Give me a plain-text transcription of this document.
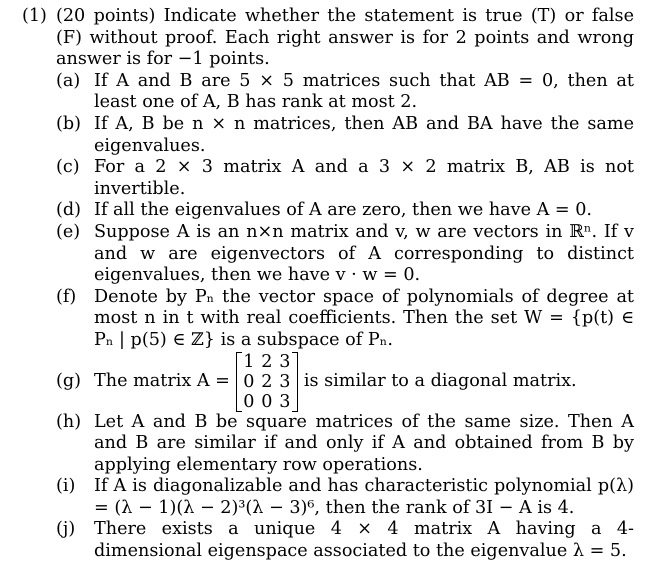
(1) (20 points) Indicate whether the statement is true (T) or false (F) without proof. Each right answer is for 2 points and wrong answer is for −1 points.
(a) If A and B are 5 × 5 matrices such that AB = 0, then at least one of A, B has rank at most 2.
(b) If A, B be n × n matrices, then AB and BA have the same eigenvalues.
(c) For a 2 × 3 matrix A and a 3 × 2 matrix B, AB is not invertible.
(d) If all the eigenvalues of A are zero, then we have A = 0.
(e) Suppose A is an n×n matrix and v, w are vectors in ℝⁿ. If v and w are eigenvectors of A corresponding to distinct eigenvalues, then we have v · w = 0.
(f)	Denote by Pₙ the vector space of polynomials of degree at most n in t with real coefficients. Then the set W = {p(t) ∈ Pₙ | p(5) ∈ ℤ} is a subspace of Pₙ.
(g) The matrix A =
1 2 3
0 2 3
0 0 3
is similar to a diagonal matrix.
(h) Let A and B be square matrices of the same size. Then A and B are similar if and only if A and obtained from B by applying elementary row operations.
(i)	If A is diagonalizable and has characteristic polynomial p(λ) = (λ − 1)(λ − 2)³(λ − 3)⁶, then the rank of 3I − A is 4.
(j)	There exists a unique 4 × 4 matrix A having a 4-dimensional eigenspace associated to the eigenvalue λ = 5.
